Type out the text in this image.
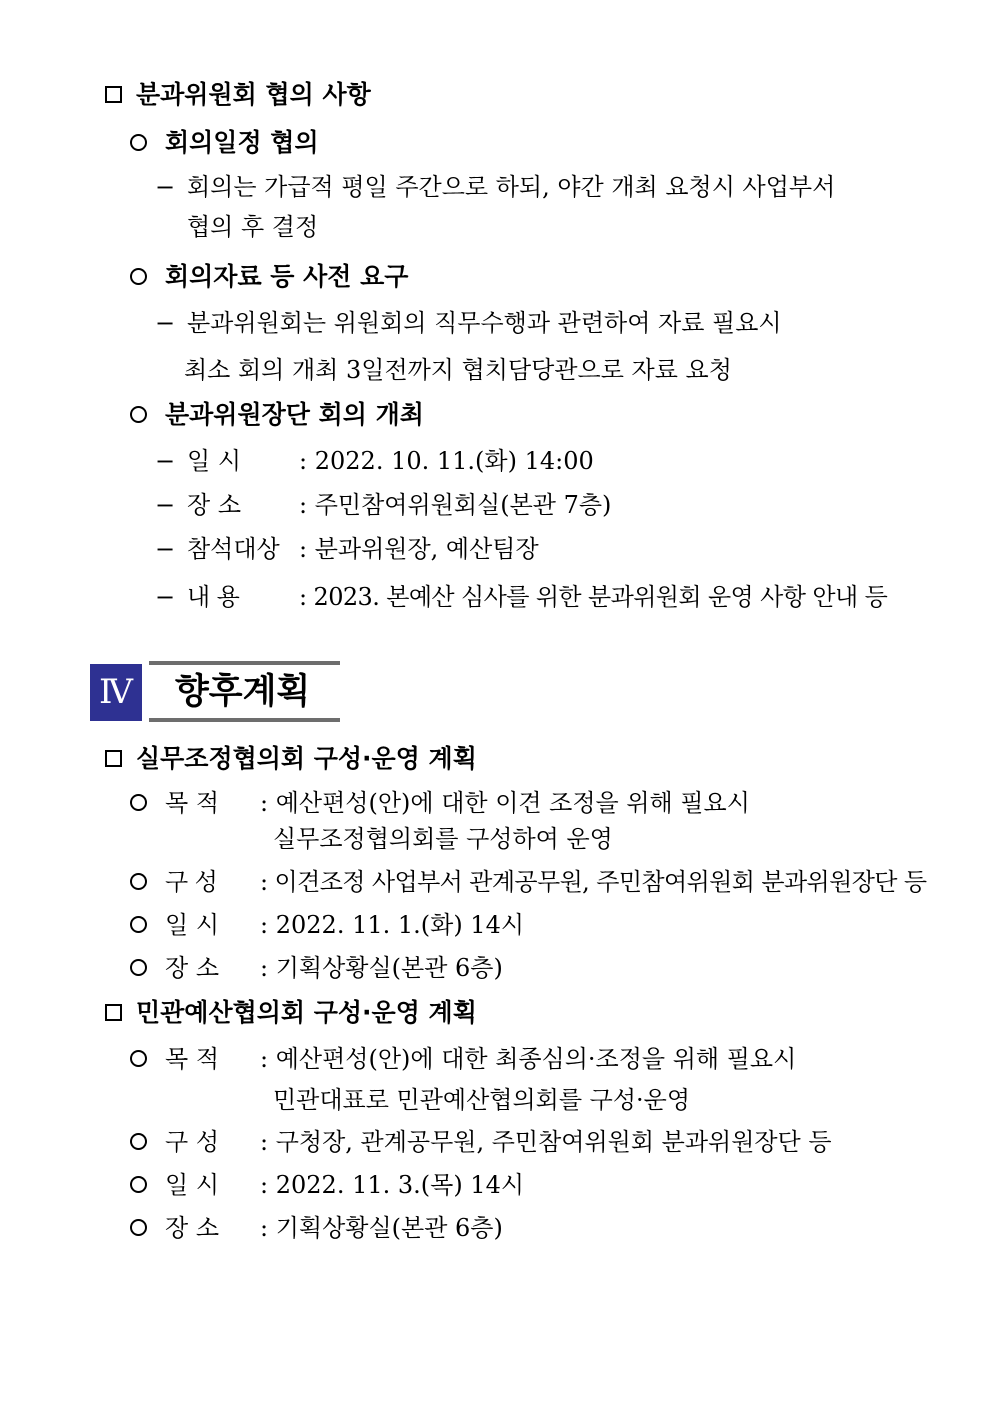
분과위원회 협의 사항
회의일정 협의
− 회의는 가급적 평일 주간으로 하되, 야간 개최 요청시 사업부서
협의 후 결정
회의자료 등 사전 요구
− 분과위원회는 위원회의 직무수행과 관련하여 자료 필요시
최소 회의 개최 3일전까지 협치담당관으로 자료 요청
분과위원장단 회의 개최
− 일 시 : 2022. 10. 11.(화) 14:00
− 장 소 : 주민참여위원회실(본관 7층)
− 참석대상 : 분과위원장, 예산팀장
− 내 용 : 2023. 본예산 심사를 위한 분과위원회 운영 사항 안내 등
Ⅳ 향후계획
실무조정협의회 구성·운영 계획
목 적 : 예산편성(안)에 대한 이견 조정을 위해 필요시
실무조정협의회를 구성하여 운영
구 성 : 이견조정 사업부서 관계공무원, 주민참여위원회 분과위원장단 등
일 시 : 2022. 11. 1.(화) 14시
장 소 : 기획상황실(본관 6층)
민관예산협의회 구성·운영 계획
목 적 : 예산편성(안)에 대한 최종심의·조정을 위해 필요시
민관대표로 민관예산협의회를 구성·운영
구 성 : 구청장, 관계공무원, 주민참여위원회 분과위원장단 등
일 시 : 2022. 11. 3.(목) 14시
장 소 : 기획상황실(본관 6층)
